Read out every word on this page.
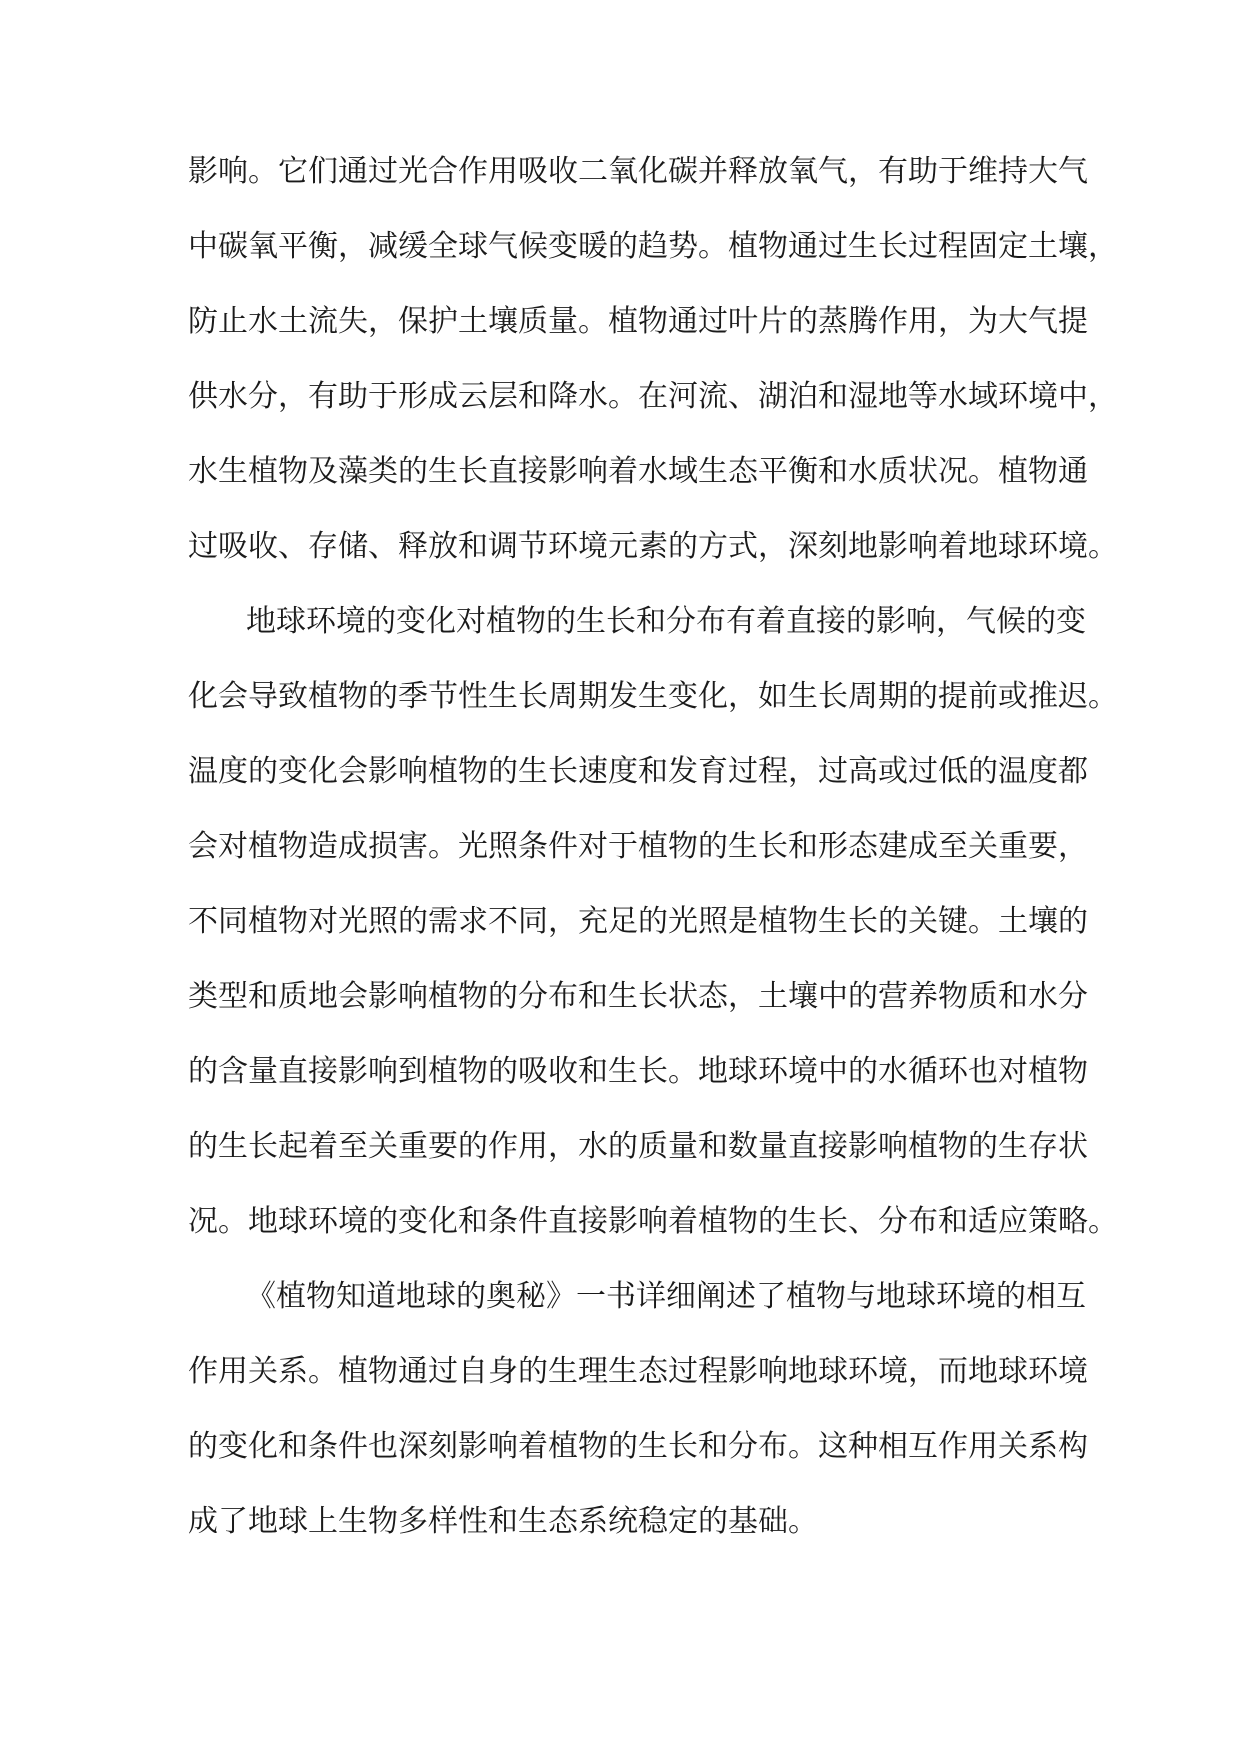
影响。它们通过光合作用吸收二氧化碳并释放氧气，有助于维持大气
中碳氧平衡，减缓全球气候变暖的趋势。植物通过生长过程固定土壤，
防止水土流失，保护土壤质量。植物通过叶片的蒸腾作用，为大气提
供水分，有助于形成云层和降水。在河流、湖泊和湿地等水域环境中，
水生植物及藻类的生长直接影响着水域生态平衡和水质状况。植物通
过吸收、存储、释放和调节环境元素的方式，深刻地影响着地球环境。
地球环境的变化对植物的生长和分布有着直接的影响，气候的变
化会导致植物的季节性生长周期发生变化，如生长周期的提前或推迟。
温度的变化会影响植物的生长速度和发育过程，过高或过低的温度都
会对植物造成损害。光照条件对于植物的生长和形态建成至关重要，
不同植物对光照的需求不同，充足的光照是植物生长的关键。土壤的
类型和质地会影响植物的分布和生长状态，土壤中的营养物质和水分
的含量直接影响到植物的吸收和生长。地球环境中的水循环也对植物
的生长起着至关重要的作用，水的质量和数量直接影响植物的生存状
况。地球环境的变化和条件直接影响着植物的生长、分布和适应策略。
《植物知道地球的奥秘》一书详细阐述了植物与地球环境的相互
作用关系。植物通过自身的生理生态过程影响地球环境，而地球环境
的变化和条件也深刻影响着植物的生长和分布。这种相互作用关系构
成了地球上生物多样性和生态系统稳定的基础。
